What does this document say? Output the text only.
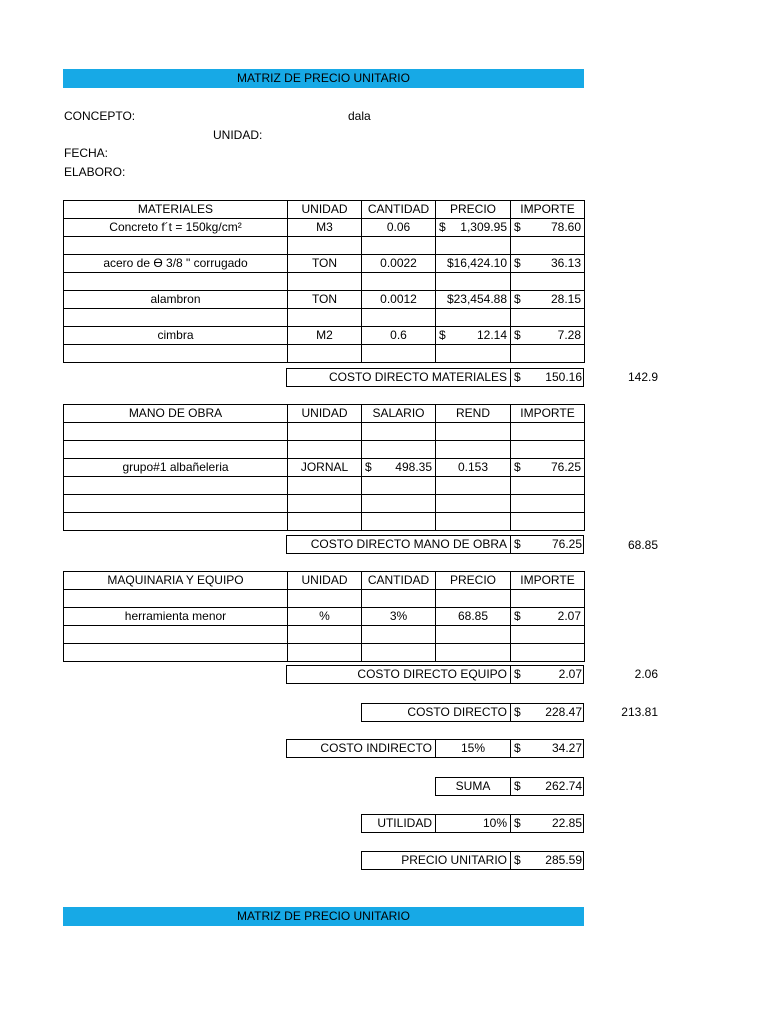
MATRIZ DE PRECIO UNITARIO
CONCEPTO:	dala
UNIDAD:
FECHA:
ELABORO:
MATERIALES	UNIDAD	CANTIDAD	PRECIO	IMPORTE
Concreto f´t = 150kg/cm²	M3	0.06	$ 1,309.95	$ 78.60

acero de ϴ 3/8 " corrugado	TON	0.0022	$16,424.10	$ 36.13

alambron	TON	0.0012	$23,454.88	$ 28.15

cimbra	M2	0.6	$ 12.14	$ 7.28

COSTO DIRECTO MATERIALES $ 150.16	142.9
MANO DE OBRA	UNIDAD	SALARIO	REND	IMPORTE

grupo#1 albañeleria	JORNAL	$ 498.35	0.153	$ 76.25

COSTO DIRECTO MANO DE OBRA $	76.25	68.85
MAQUINARIA Y EQUIPO	UNIDAD	CANTIDAD	PRECIO	IMPORTE

herramienta menor	%	3%	68.85	$ 2.07

COSTO DIRECTO EQUIPO $	2.07	2.06
COSTO DIRECTO $ 228.47	213.81
COSTO INDIRECTO	15%	$	34.27
SUMA	$ 262.74
UTILIDAD	10% $	22.85
PRECIO UNITARIO $ 285.59
MATRIZ DE PRECIO UNITARIO
